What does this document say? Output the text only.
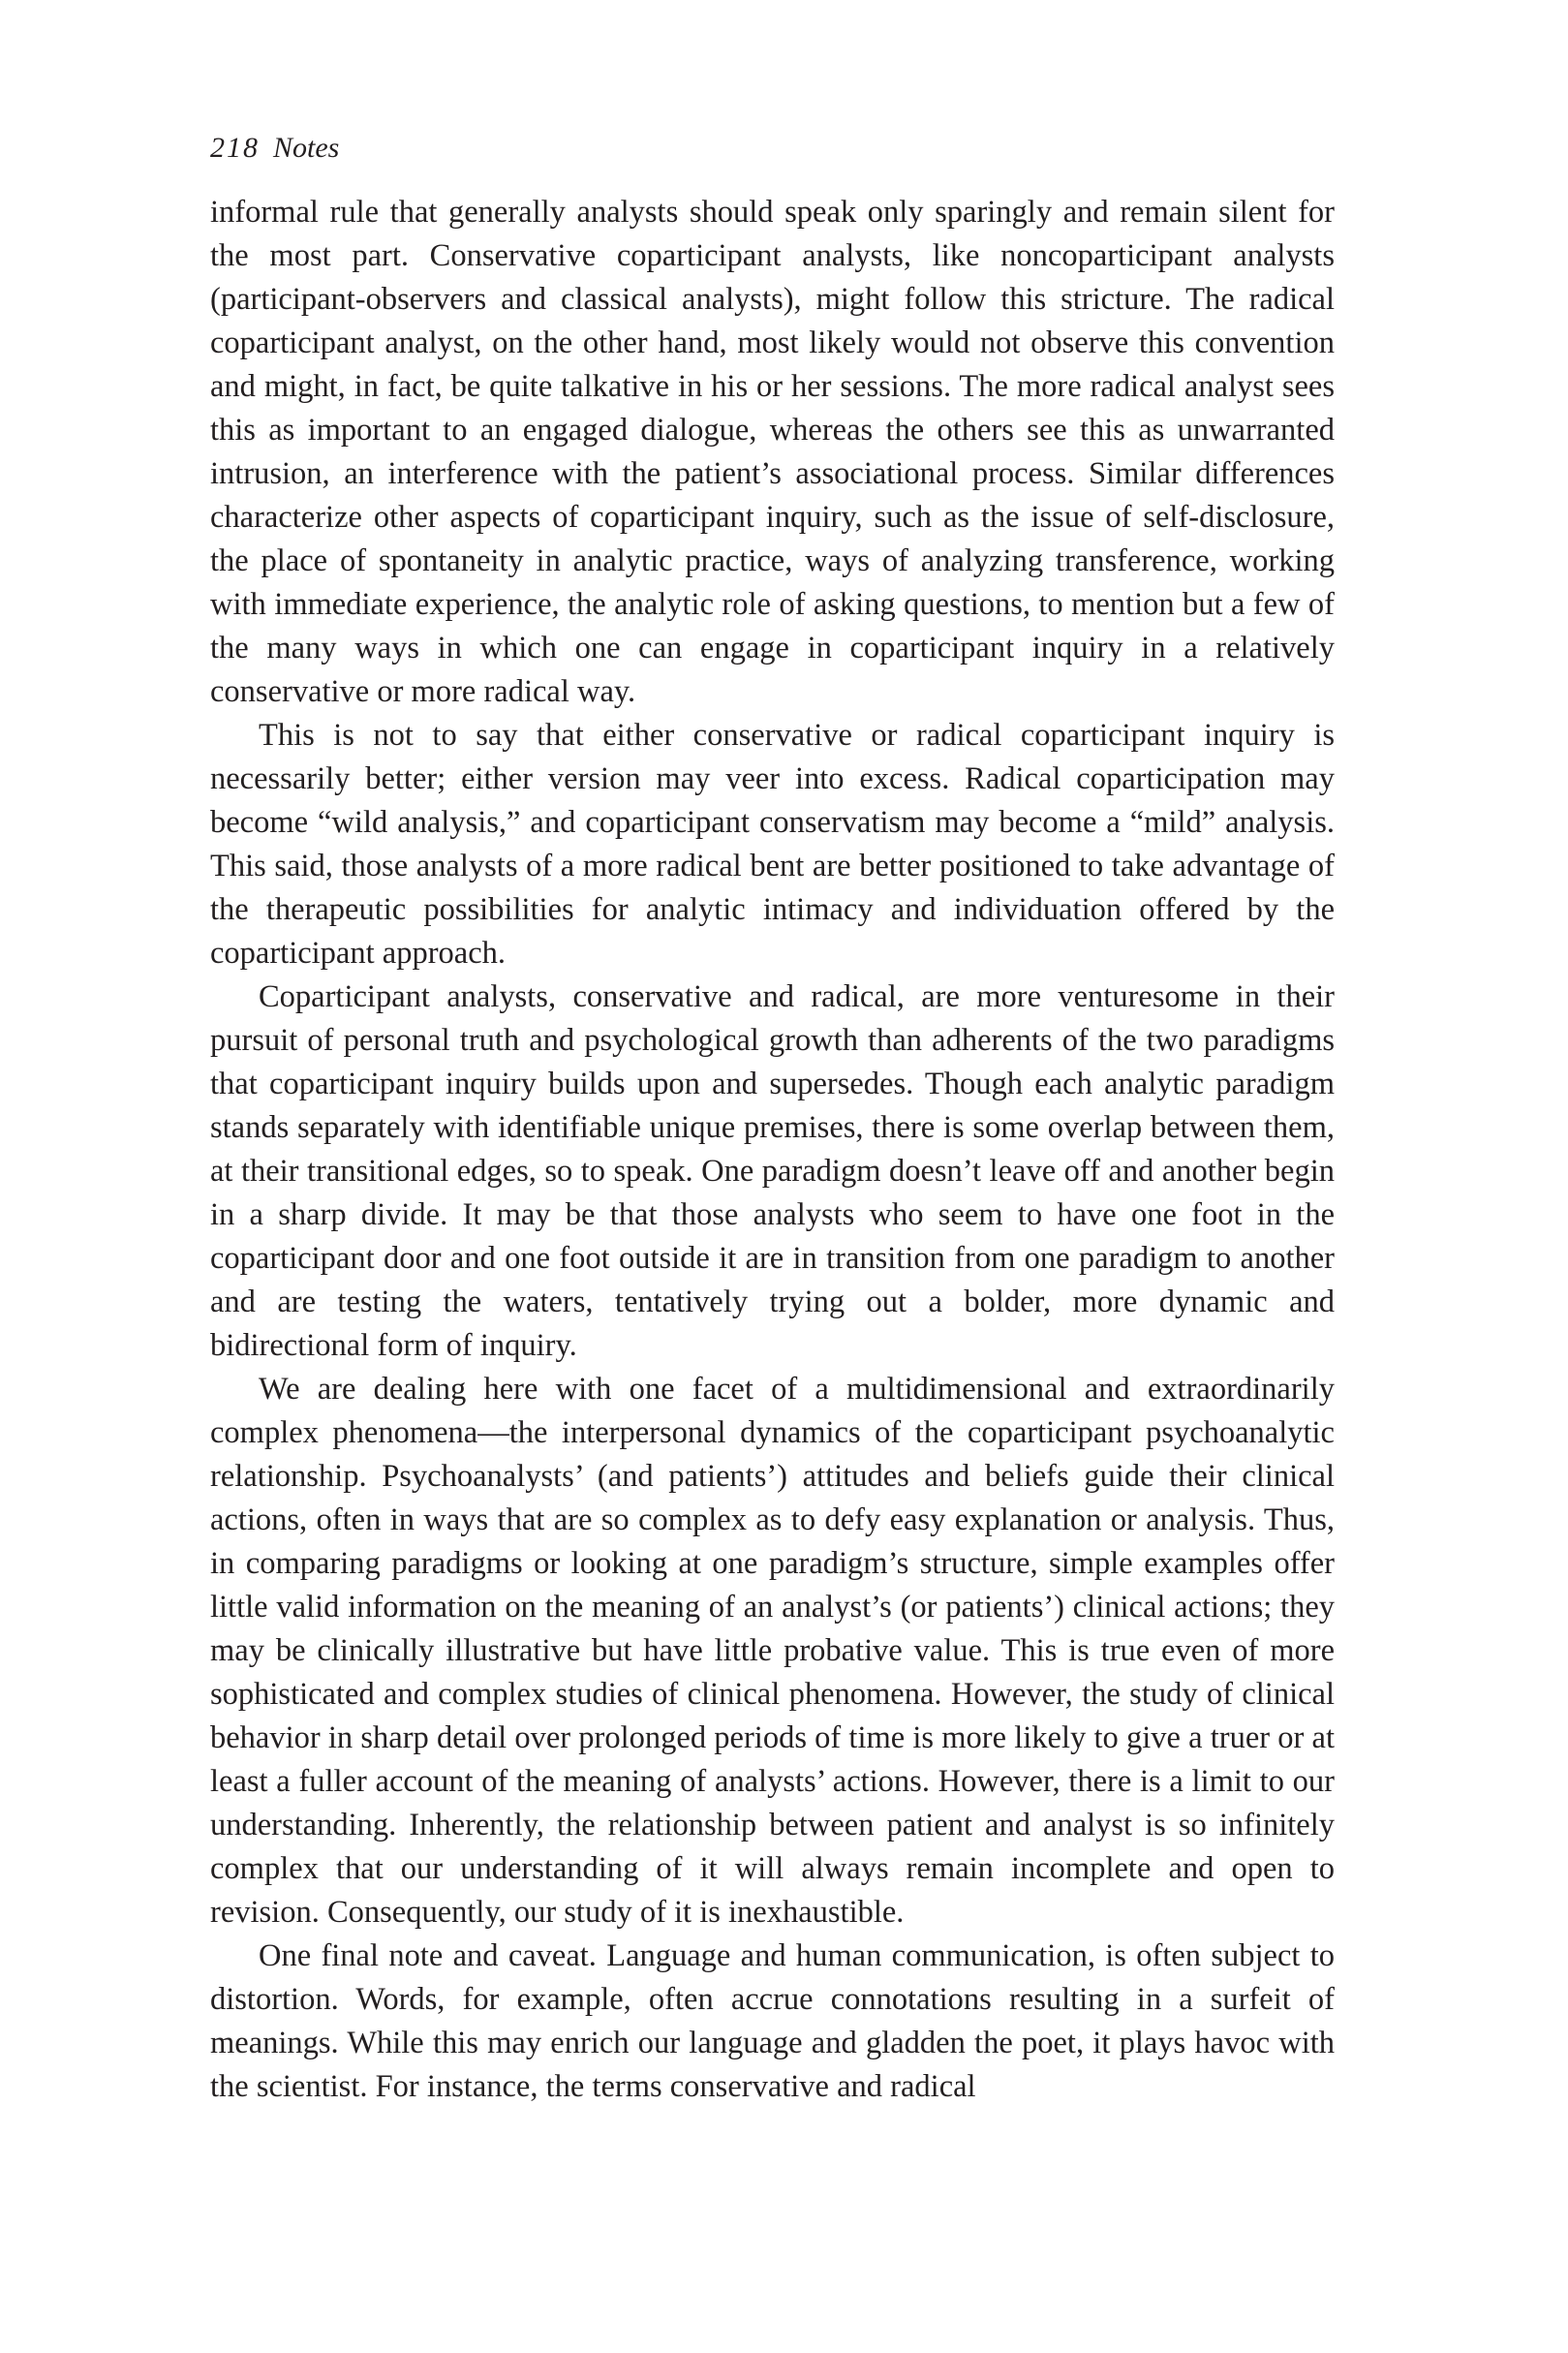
218 Notes

informal rule that generally analysts should speak only sparingly and remain silent for the most part. Conservative coparticipant analysts, like noncoparticipant analysts (participant-observers and classical analysts), might follow this stricture. The radical coparticipant analyst, on the other hand, most likely would not observe this convention and might, in fact, be quite talkative in his or her sessions. The more radical analyst sees this as important to an engaged dialogue, whereas the others see this as unwarranted intrusion, an interference with the patient’s associational process. Similar differences characterize other aspects of coparticipant inquiry, such as the issue of self-disclosure, the place of spontaneity in analytic practice, ways of analyzing transference, working with immediate experience, the analytic role of asking questions, to mention but a few of the many ways in which one can engage in coparticipant inquiry in a relatively conservative or more radical way.

This is not to say that either conservative or radical coparticipant inquiry is necessarily better; either version may veer into excess. Radical coparticipation may become “wild analysis,” and coparticipant conservatism may become a “mild” analysis. This said, those analysts of a more radical bent are better positioned to take advantage of the therapeutic possibilities for analytic intimacy and individuation offered by the coparticipant approach.

Coparticipant analysts, conservative and radical, are more venturesome in their pursuit of personal truth and psychological growth than adherents of the two paradigms that coparticipant inquiry builds upon and supersedes. Though each analytic paradigm stands separately with identifiable unique premises, there is some overlap between them, at their transitional edges, so to speak. One paradigm doesn’t leave off and another begin in a sharp divide. It may be that those analysts who seem to have one foot in the coparticipant door and one foot outside it are in transition from one paradigm to another and are testing the waters, tentatively trying out a bolder, more dynamic and bidirectional form of inquiry.

We are dealing here with one facet of a multidimensional and extraordinarily complex phenomena—the interpersonal dynamics of the coparticipant psychoanalytic relationship. Psychoanalysts’ (and patients’) attitudes and beliefs guide their clinical actions, often in ways that are so complex as to defy easy explanation or analysis. Thus, in comparing paradigms or looking at one paradigm’s structure, simple examples offer little valid information on the meaning of an analyst’s (or patients’) clinical actions; they may be clinically illustrative but have little probative value. This is true even of more sophisticated and complex studies of clinical phenomena. However, the study of clinical behavior in sharp detail over prolonged periods of time is more likely to give a truer or at least a fuller account of the meaning of analysts’ actions. However, there is a limit to our understanding. Inherently, the relationship between patient and analyst is so infinitely complex that our understanding of it will always remain incomplete and open to revision. Consequently, our study of it is inexhaustible.

One final note and caveat. Language and human communication, is often subject to distortion. Words, for example, often accrue connotations resulting in a surfeit of meanings. While this may enrich our language and gladden the poet, it plays havoc with the scientist. For instance, the terms conservative and radical
